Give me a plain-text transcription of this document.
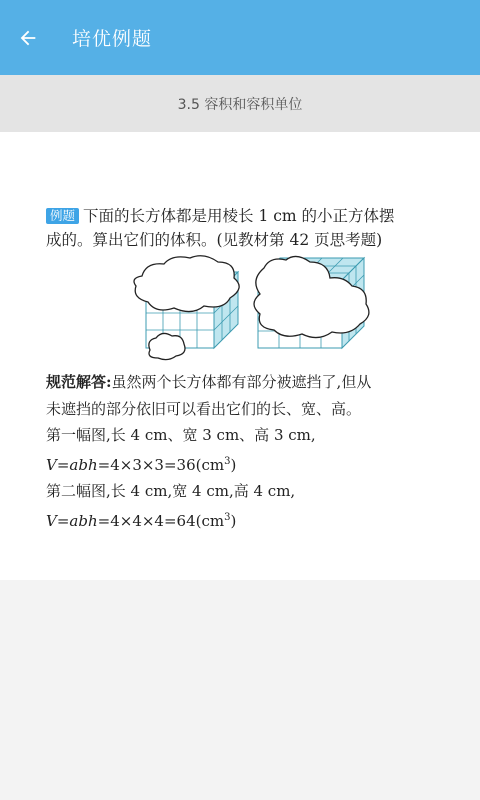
培优例题
3.5 容积和容积单位
例题 下面的长方体都是用棱长 1 cm 的小正方体摆
成的。算出它们的体积。(见教材第 42 页思考题)
规范解答:虽然两个长方体都有部分被遮挡了,但从
未遮挡的部分依旧可以看出它们的长、宽、高。
第一幅图,长 4 cm、宽 3 cm、高 3 cm,
$V=abh=4\times 3\times 3=36(cm^3)$
第二幅图,长 4 cm,宽 4 cm,高 4 cm,
$V=abh=4\times 4\times 4=64(cm^3)$
